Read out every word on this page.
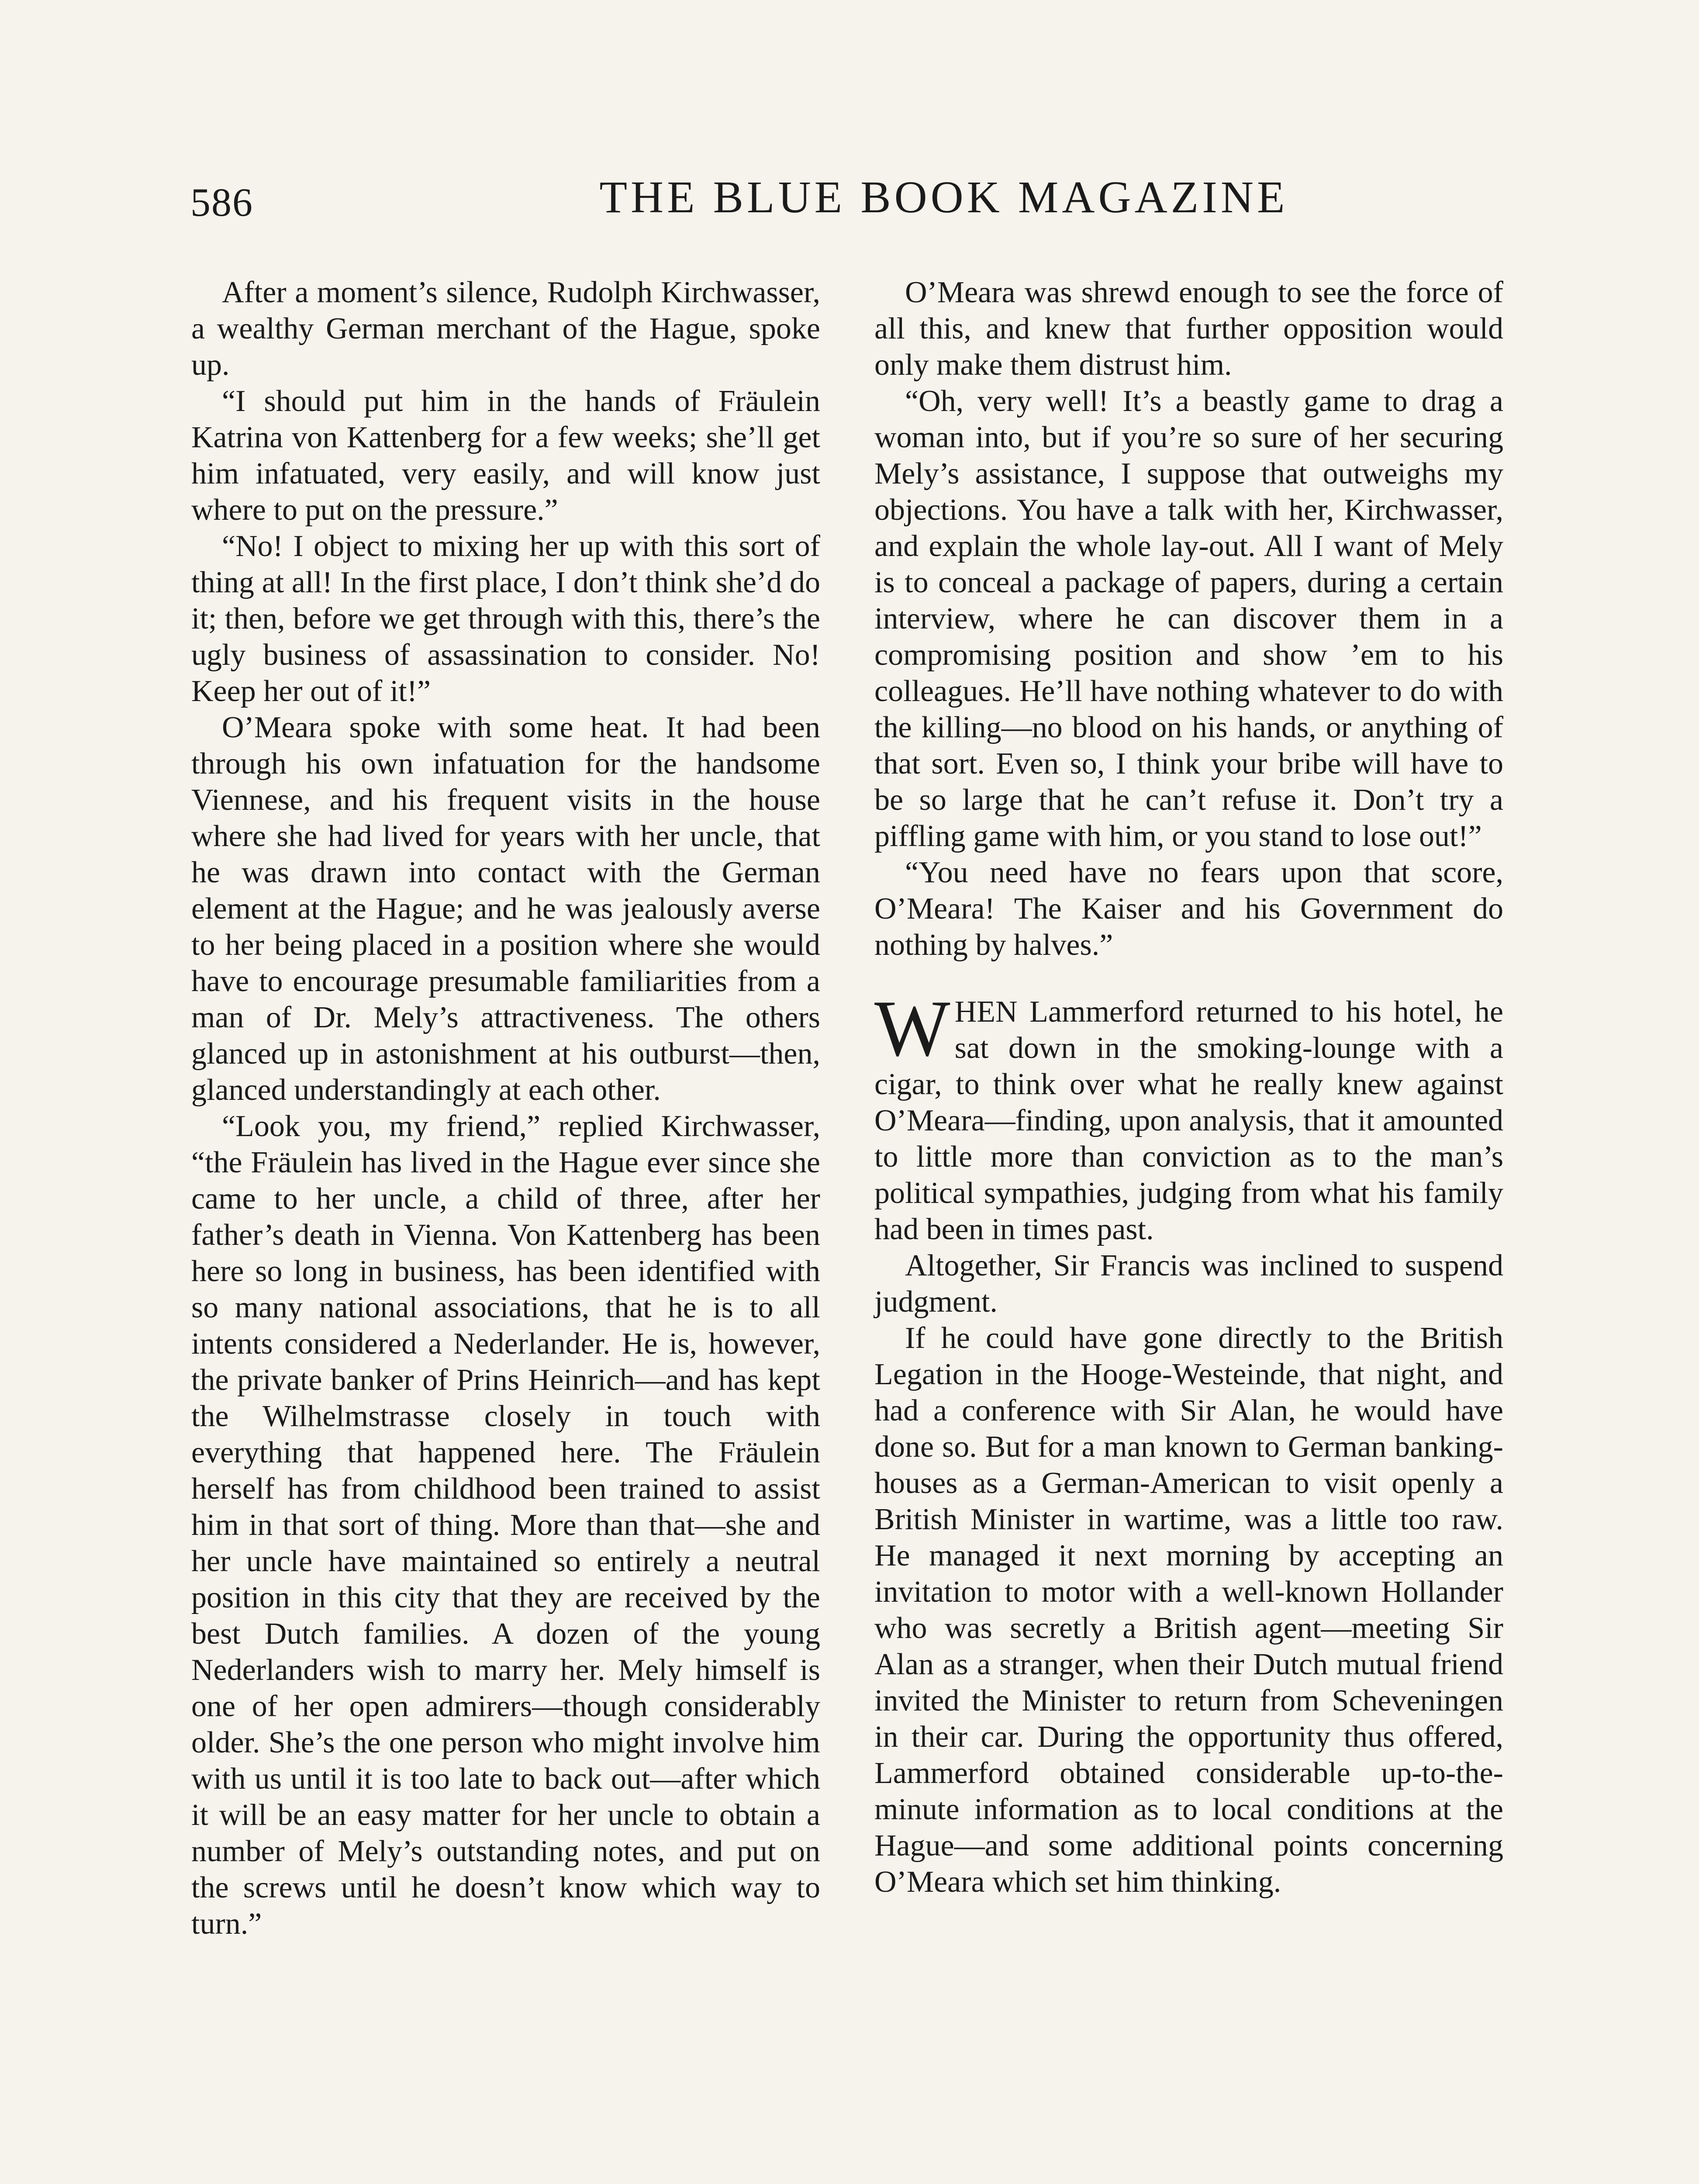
586	THE BLUE BOOK MAGAZINE

After a moment’s silence, Rudolph Kirchwasser, a wealthy German merchant of the Hague, spoke up.

“I should put him in the hands of Fräulein Katrina von Kattenberg for a few weeks; she’ll get him infatuated, very easily, and will know just where to put on the pressure.”

“No! I object to mixing her up with this sort of thing at all! In the first place, I don’t think she’d do it; then, before we get through with this, there’s the ugly business of assassination to consider. No! Keep her out of it!”

O’Meara spoke with some heat. It had been through his own infatuation for the handsome Viennese, and his frequent visits in the house where she had lived for years with her uncle, that he was drawn into contact with the German element at the Hague; and he was jealously averse to her being placed in a position where she would have to encourage presumable familiarities from a man of Dr. Mely’s attractiveness. The others glanced up in astonishment at his outburst—then, glanced understandingly at each other.

“Look you, my friend,” replied Kirchwasser, “the Fräulein has lived in the Hague ever since she came to her uncle, a child of three, after her father’s death in Vienna. Von Kattenberg has been here so long in business, has been identified with so many national associations, that he is to all intents considered a Nederlander. He is, however, the private banker of Prins Heinrich—and has kept the Wilhelmstrasse closely in touch with everything that happened here. The Fräulein herself has from childhood been trained to assist him in that sort of thing. More than that—she and her uncle have maintained so entirely a neutral position in this city that they are received by the best Dutch families. A dozen of the young Nederlanders wish to marry her. Mely himself is one of her open admirers—though considerably older. She’s the one person who might involve him with us until it is too late to back out—after which it will be an easy matter for her uncle to obtain a number of Mely’s outstanding notes, and put on the screws until he doesn’t know which way to turn.”

O’Meara was shrewd enough to see the force of all this, and knew that further opposition would only make them distrust him.

“Oh, very well! It’s a beastly game to drag a woman into, but if you’re so sure of her securing Mely’s assistance, I suppose that outweighs my objections. You have a talk with her, Kirchwasser, and explain the whole lay-out. All I want of Mely is to conceal a package of papers, during a certain interview, where he can discover them in a compromising position and show ’em to his colleagues. He’ll have nothing whatever to do with the killing—no blood on his hands, or anything of that sort. Even so, I think your bribe will have to be so large that he can’t refuse it. Don’t try a piffling game with him, or you stand to lose out!”

“You need have no fears upon that score, O’Meara! The Kaiser and his Government do nothing by halves.”

WHEN Lammerford returned to his hotel, he sat down in the smoking-lounge with a cigar, to think over what he really knew against O’Meara—finding, upon analysis, that it amounted to little more than conviction as to the man’s political sympathies, judging from what his family had been in times past.

Altogether, Sir Francis was inclined to suspend judgment.

If he could have gone directly to the British Legation in the Hooge-Westeinde, that night, and had a conference with Sir Alan, he would have done so. But for a man known to German banking-houses as a German-American to visit openly a British Minister in wartime, was a little too raw. He managed it next morning by accepting an invitation to motor with a well-known Hollander who was secretly a British agent—meeting Sir Alan as a stranger, when their Dutch mutual friend invited the Minister to return from Scheveningen in their car. During the opportunity thus offered, Lammerford obtained considerable up-to-the-minute information as to local conditions at the Hague—and some additional points concerning O’Meara which set him thinking.
